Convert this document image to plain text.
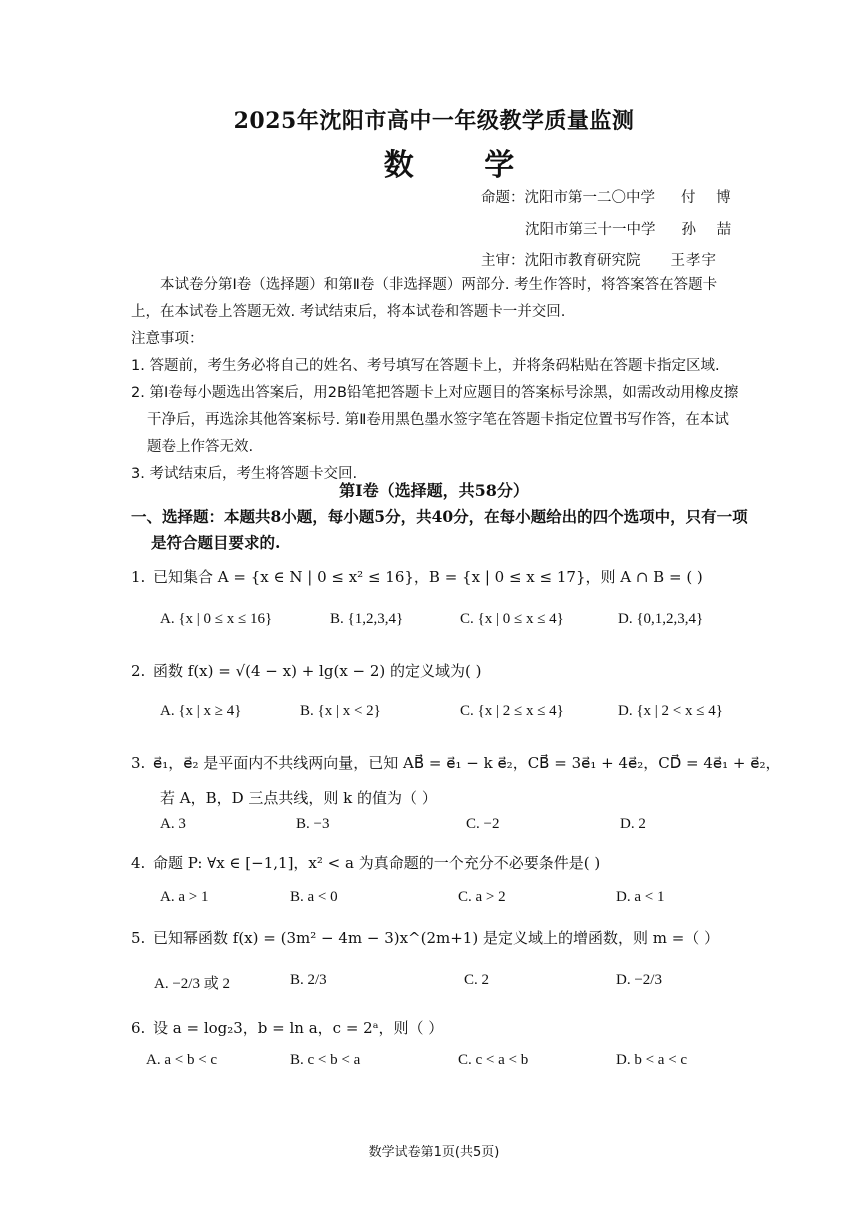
2025年沈阳市高中一年级教学质量监测
数 学
命题：沈阳市第一二〇中学 付 博
沈阳市第三十一中学 孙 喆
主审：沈阳市教育研究院 王孝宇

本试卷分第Ⅰ卷（选择题）和第Ⅱ卷（非选择题）两部分. 考生作答时，将答案答在答题卡上，在本试卷上答题无效. 考试结束后，将本试卷和答题卡一并交回.

注意事项：

1. 答题前，考生务必将自己的姓名、考号填写在答题卡上，并将条码粘贴在答题卡指定区域.

2. 第Ⅰ卷每小题选出答案后，用2B铅笔把答题卡上对应题目的答案标号涂黑，如需改动用橡皮擦干净后，再选涂其他答案标号. 第Ⅱ卷用黑色墨水签字笔在答题卡指定位置书写作答，在本试题卷上作答无效.

3. 考试结束后，考生将答题卡交回.

第Ⅰ卷（选择题，共58分）
一、选择题：本题共8小题，每小题5分，共40分，在每小题给出的四个选项中，只有一项是符合题目要求的.
1. 已知集合 A = {x ∈ N | 0 ≤ x² ≤ 16}，B = {x | 0 ≤ x ≤ 17}，则 A ∩ B = ( )
A. {x | 0 ≤ x ≤ 16}	B. {1,2,3,4}	C. {x | 0 ≤ x ≤ 4}	D. {0,1,2,3,4}
2. 函数 f(x) = √(4 − x) + lg(x − 2) 的定义域为( )
A. {x | x ≥ 4}	B. {x | x < 2}	C. {x | 2 ≤ x ≤ 4}	D. {x | 2 < x ≤ 4}
3. e⃗₁，e⃗₂ 是平面内不共线两向量，已知 AB⃗ = e⃗₁ − k e⃗₂，CB⃗ = 3e⃗₁ + 4e⃗₂，CD⃗ = 4e⃗₁ + e⃗₂，
若 A，B，D 三点共线，则 k 的值为（ ）
A. 3	B. −3	C. −2	D. 2
4. 命题 P: ∀x ∈ [−1,1]，x² < a 为真命题的一个充分不必要条件是( )
A. a > 1	B. a < 0	C. a > 2	D. a < 1
5. 已知幂函数 f(x) = (3m² − 4m − 3)x^(2m+1) 是定义域上的增函数，则 m =（ ）
A. −2/3 或 2	B. 2/3	C. 2	D. −2/3
6. 设 a = log₂3，b = ln a，c = 2ᵃ，则（ ）
A. a < b < c	B. c < b < a	C. c < a < b	D. b < a < c
数学试卷第1页(共5页)
